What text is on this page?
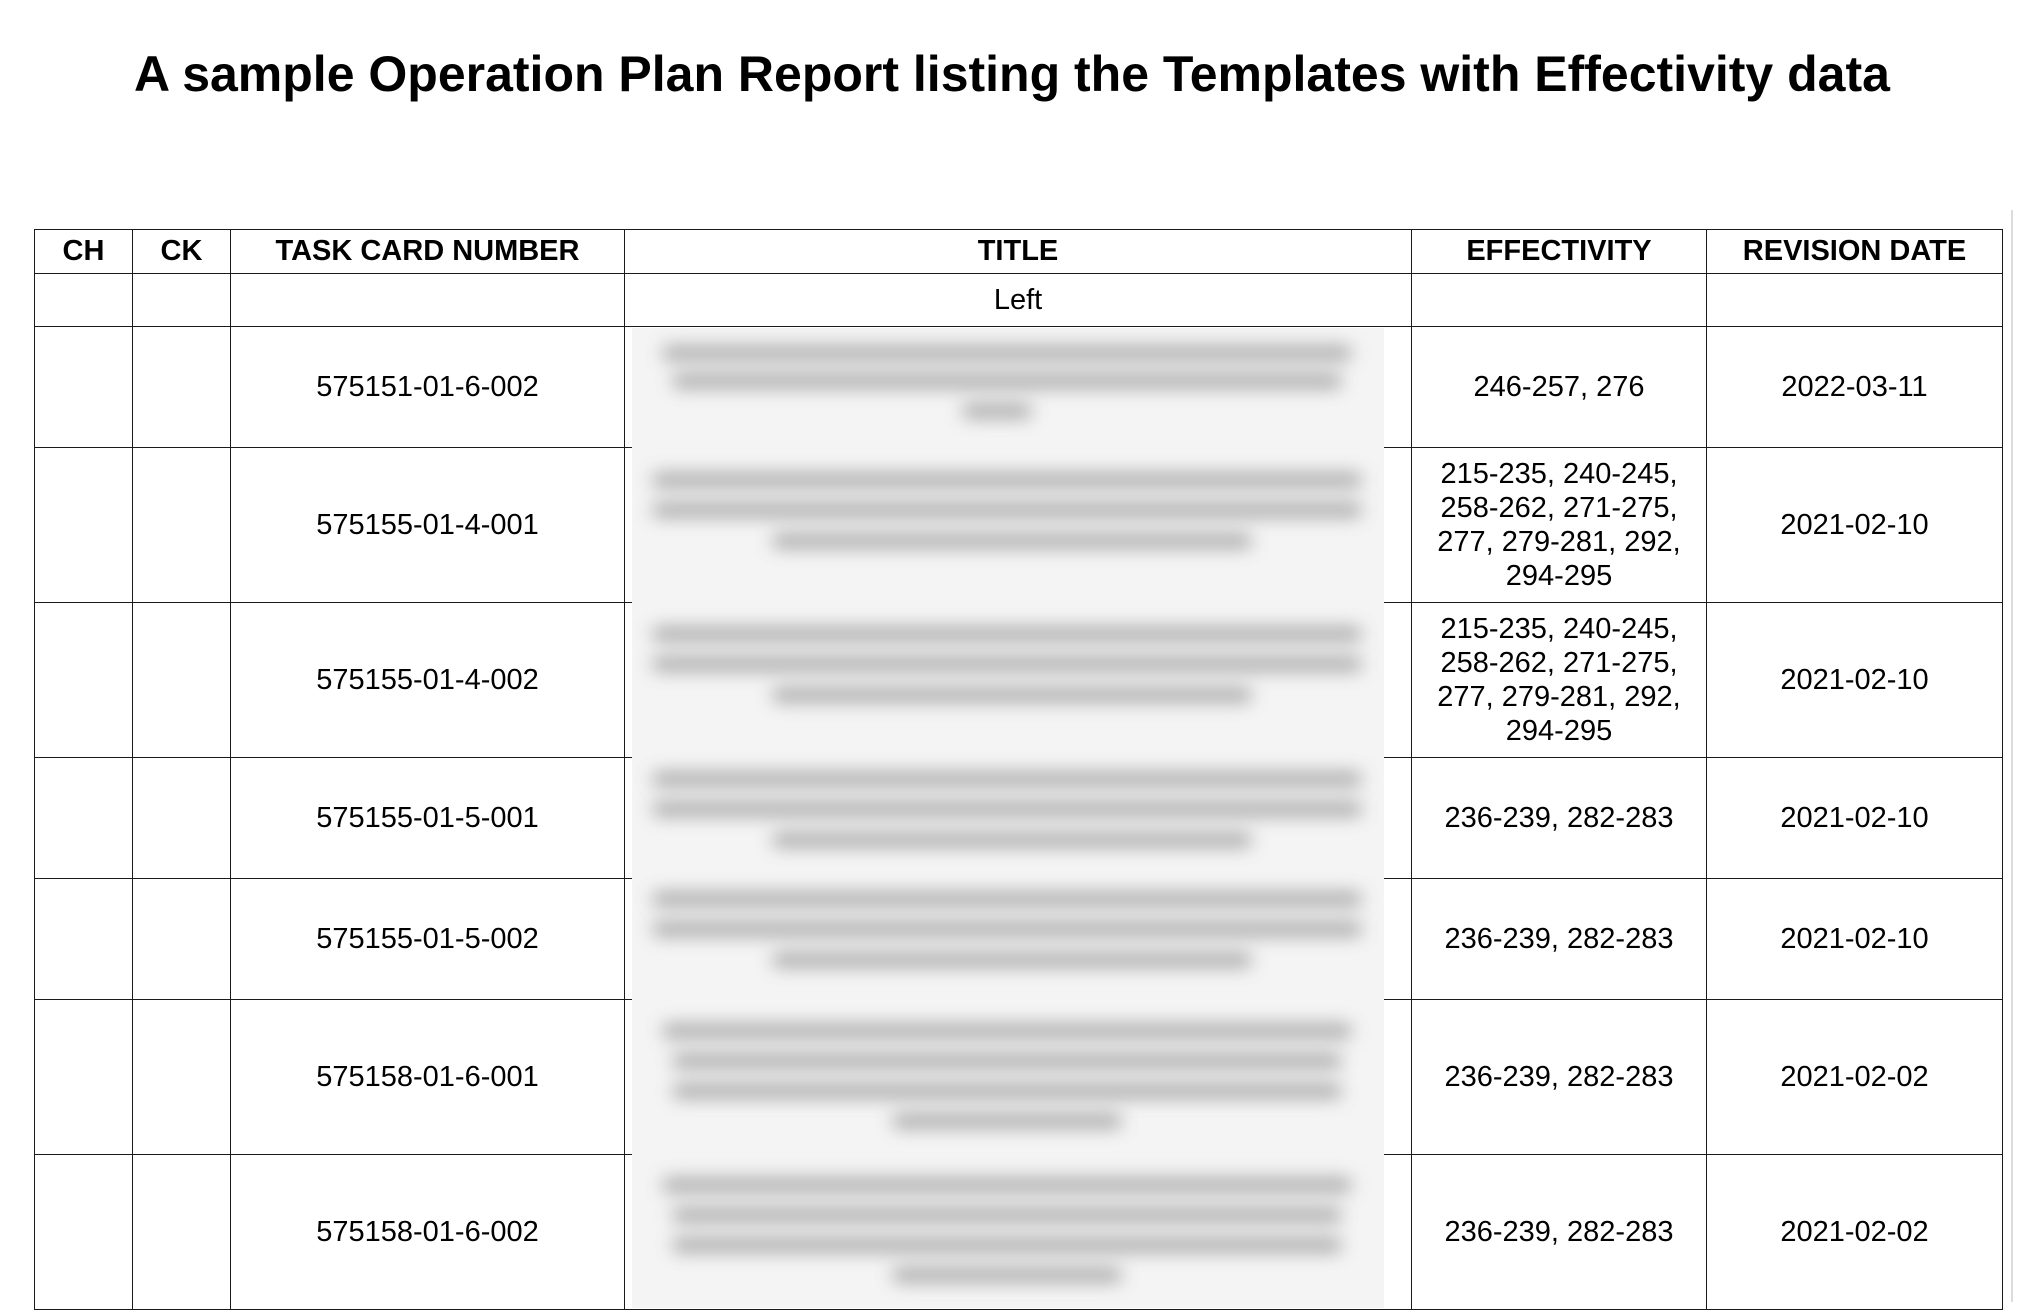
A sample Operation Plan Report listing the Templates with Effectivity data
CH	CK	TASK CARD NUMBER	TITLE	EFFECTIVITY	REVISION DATE
			Left		
		575151-01-6-002		246-257, 276	2022-03-11
		575155-01-4-001		215-235, 240-245, 258-262, 271-275, 277, 279-281, 292, 294-295	2021-02-10
		575155-01-4-002		215-235, 240-245, 258-262, 271-275, 277, 279-281, 292, 294-295	2021-02-10
		575155-01-5-001		236-239, 282-283	2021-02-10
		575155-01-5-002		236-239, 282-283	2021-02-10
		575158-01-6-001		236-239, 282-283	2021-02-02
		575158-01-6-002		236-239, 282-283	2021-02-02
